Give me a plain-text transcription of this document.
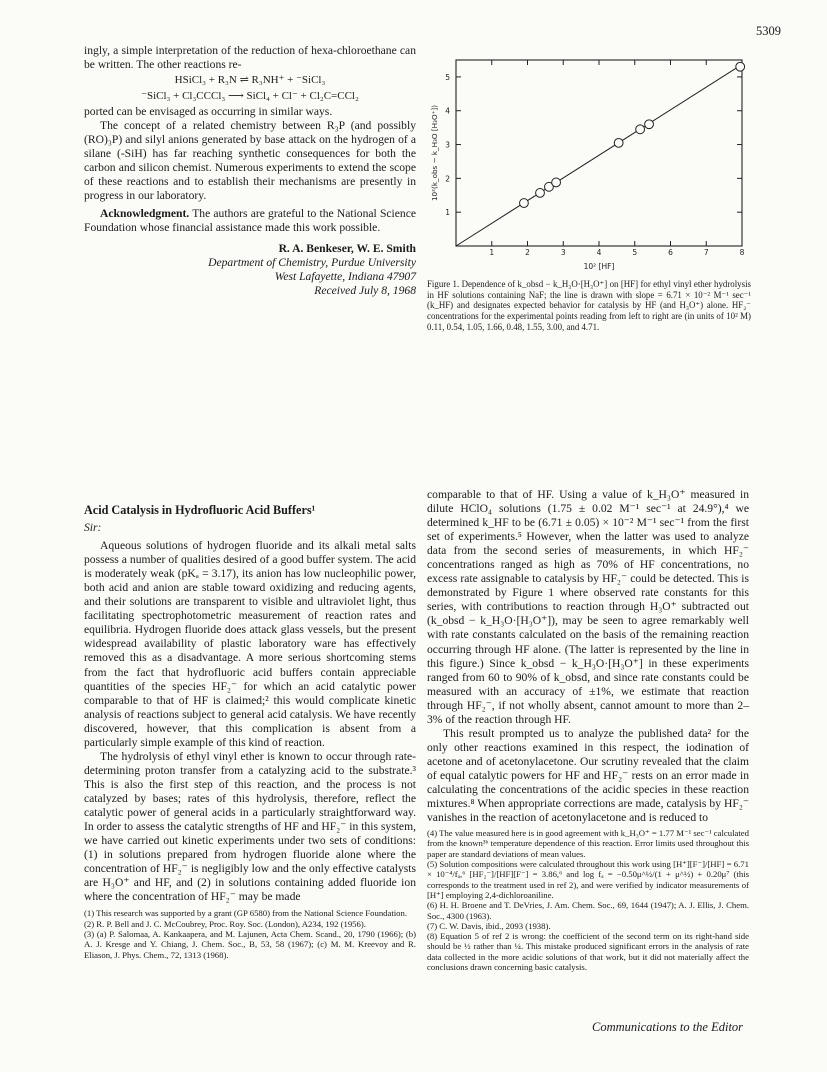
5309

ingly, a simple interpretation of the reduction of hexa-chloroethane can be written. The other reactions re-

HSiCl₃ + R₃N ⇌ R₃NH⁺ + ⁻SiCl₃
⁻SiCl₃ + Cl₃CCCl₃ ⟶ SiCl₄ + Cl⁻ + Cl₂C=CCl₂

ported can be envisaged as occurring in similar ways.

The concept of a related chemistry between R₃P (and possibly (RO)₃P) and silyl anions generated by base attack on the hydrogen of a silane (-SiH) has far reaching synthetic consequences for both the carbon and silicon chemist. Numerous experiments to extend the scope of these reactions and to establish their mechanisms are presently in progress in our laboratory.

Acknowledgment. The authors are grateful to the National Science Foundation whose financial assistance made this work possible.

R. A. Benkeser, W. E. Smith
Department of Chemistry, Purdue University
West Lafayette, Indiana 47907
Received July 8, 1968
1	2	3	4	5	6	7	8
1
2
3
4
5
10² [HF]
10²(k_obs − k_H₃O [H₃O⁺])
Figure 1. Dependence of k_obsd − k_H₃O·[H₃O⁺] on [HF] for ethyl vinyl ether hydrolysis in HF solutions containing NaF; the line is drawn with slope = 6.71 × 10⁻² M⁻¹ sec⁻¹ (k_HF) and designates expected behavior for catalysis by HF (and H₃O⁺) alone. HF₂⁻ concentrations for the experimental points reading from left to right are (in units of 10² M) 0.11, 0.54, 1.05, 1.66, 0.48, 1.55, 3.00, and 4.71.
Acid Catalysis in Hydrofluoric Acid Buffers¹
Sir:

Aqueous solutions of hydrogen fluoride and its alkali metal salts possess a number of qualities desired of a good buffer system. The acid is moderately weak (pKₐ = 3.17), its anion has low nucleophilic power, both acid and anion are stable toward oxidizing and reducing agents, and their solutions are transparent to visible and ultraviolet light, thus facilitating spectrophotometric measurement of reaction rates and equilibria. Hydrogen fluoride does attack glass vessels, but the present widespread availability of plastic laboratory ware has effectively removed this as a disadvantage. A more serious shortcoming stems from the fact that hydrofluoric acid buffers contain appreciable quantities of the species HF₂⁻ for which an acid catalytic power comparable to that of HF is claimed;² this would complicate kinetic analysis of reactions subject to general acid catalysis. We have recently discovered, however, that this complication is absent from a particularly simple example of this kind of reaction.

The hydrolysis of ethyl vinyl ether is known to occur through rate-determining proton transfer from a catalyzing acid to the substrate.³ This is also the first step of this reaction, and the process is not catalyzed by bases; rates of this hydrolysis, therefore, reflect the catalytic power of general acids in a particularly straightforward way. In order to assess the catalytic strengths of HF and HF₂⁻ in this system, we have carried out kinetic experiments under two sets of conditions: (1) in solutions prepared from hydrogen fluoride alone where the concentration of HF₂⁻ is negligibly low and the only effective catalysts are H₃O⁺ and HF, and (2) in solutions containing added fluoride ion where the concentration of HF₂⁻ may be made

(1) This research was supported by a grant (GP 6580) from the National Science Foundation.

(2) R. P. Bell and J. C. McCoubrey, Proc. Roy. Soc. (London), A234, 192 (1956).

(3) (a) P. Salomaa, A. Kankaapera, and M. Lajunen, Acta Chem. Scand., 20, 1790 (1966); (b) A. J. Kresge and Y. Chiang, J. Chem. Soc., B, 53, 58 (1967); (c) M. M. Kreevoy and R. Eliason, J. Phys. Chem., 72, 1313 (1968).

comparable to that of HF. Using a value of k_H₃O⁺ measured in dilute HClO₄ solutions (1.75 ± 0.02 M⁻¹ sec⁻¹ at 24.9°),⁴ we determined k_HF to be (6.71 ± 0.05) × 10⁻² M⁻¹ sec⁻¹ from the first set of experiments.⁵ However, when the latter was used to analyze data from the second series of measurements, in which HF₂⁻ concentrations ranged as high as 70% of HF concentrations, no excess rate assignable to catalysis by HF₂⁻ could be detected. This is demonstrated by Figure 1 where observed rate constants for this series, with contributions to reaction through H₃O⁺ subtracted out (k_obsd − k_H₃O·[H₃O⁺]), may be seen to agree remarkably well with rate constants calculated on the basis of the remaining reaction occurring through HF alone. (The latter is represented by the line in this figure.) Since k_obsd − k_H₃O·[H₃O⁺] in these experiments ranged from 60 to 90% of k_obsd, and since rate constants could be measured with an accuracy of ±1%, we estimate that reaction through HF₂⁻, if not wholly absent, cannot amount to more than 2–3% of the reaction through HF.

This result prompted us to analyze the published data² for the only other reactions examined in this respect, the iodination of acetone and of acetonylacetone. Our scrutiny revealed that the claim of equal catalytic powers for HF and HF₂⁻ rests on an error made in calculating the concentrations of the acidic species in these reaction mixtures.⁸ When appropriate corrections are made, catalysis by HF₂⁻ vanishes in the reaction of acetonylacetone and is reduced to

(4) The value measured here is in good agreement with k_H₃O⁺ = 1.77 M⁻¹ sec⁻¹ calculated from the known³ᵇ temperature dependence of this reaction. Error limits used throughout this paper are standard deviations of mean values.

(5) Solution compositions were calculated throughout this work using [H⁺][F⁻]/[HF] = 6.71 × 10⁻⁴/fₐ,⁶ [HF₂⁻]/[HF][F⁻] = 3.86,⁶ and log fₐ = −0.50μ^½/(1 + μ^½) + 0.20μ⁷ (this corresponds to the treatment used in ref 2), and were verified by indicator measurements of [H⁺] employing 2,4-dichloroaniline.

(6) H. H. Broene and T. DeVries, J. Am. Chem. Soc., 69, 1644 (1947); A. J. Ellis, J. Chem. Soc., 4300 (1963).

(7) C. W. Davis, ibid., 2093 (1938).

(8) Equation 5 of ref 2 is wrong: the coefficient of the second term on its right-hand side should be ½ rather than ¼. This mistake produced significant errors in the analysis of rate data collected in the more acidic solutions of that work, but it did not materially affect the conclusions drawn concerning basic catalysis.

Communications to the Editor
